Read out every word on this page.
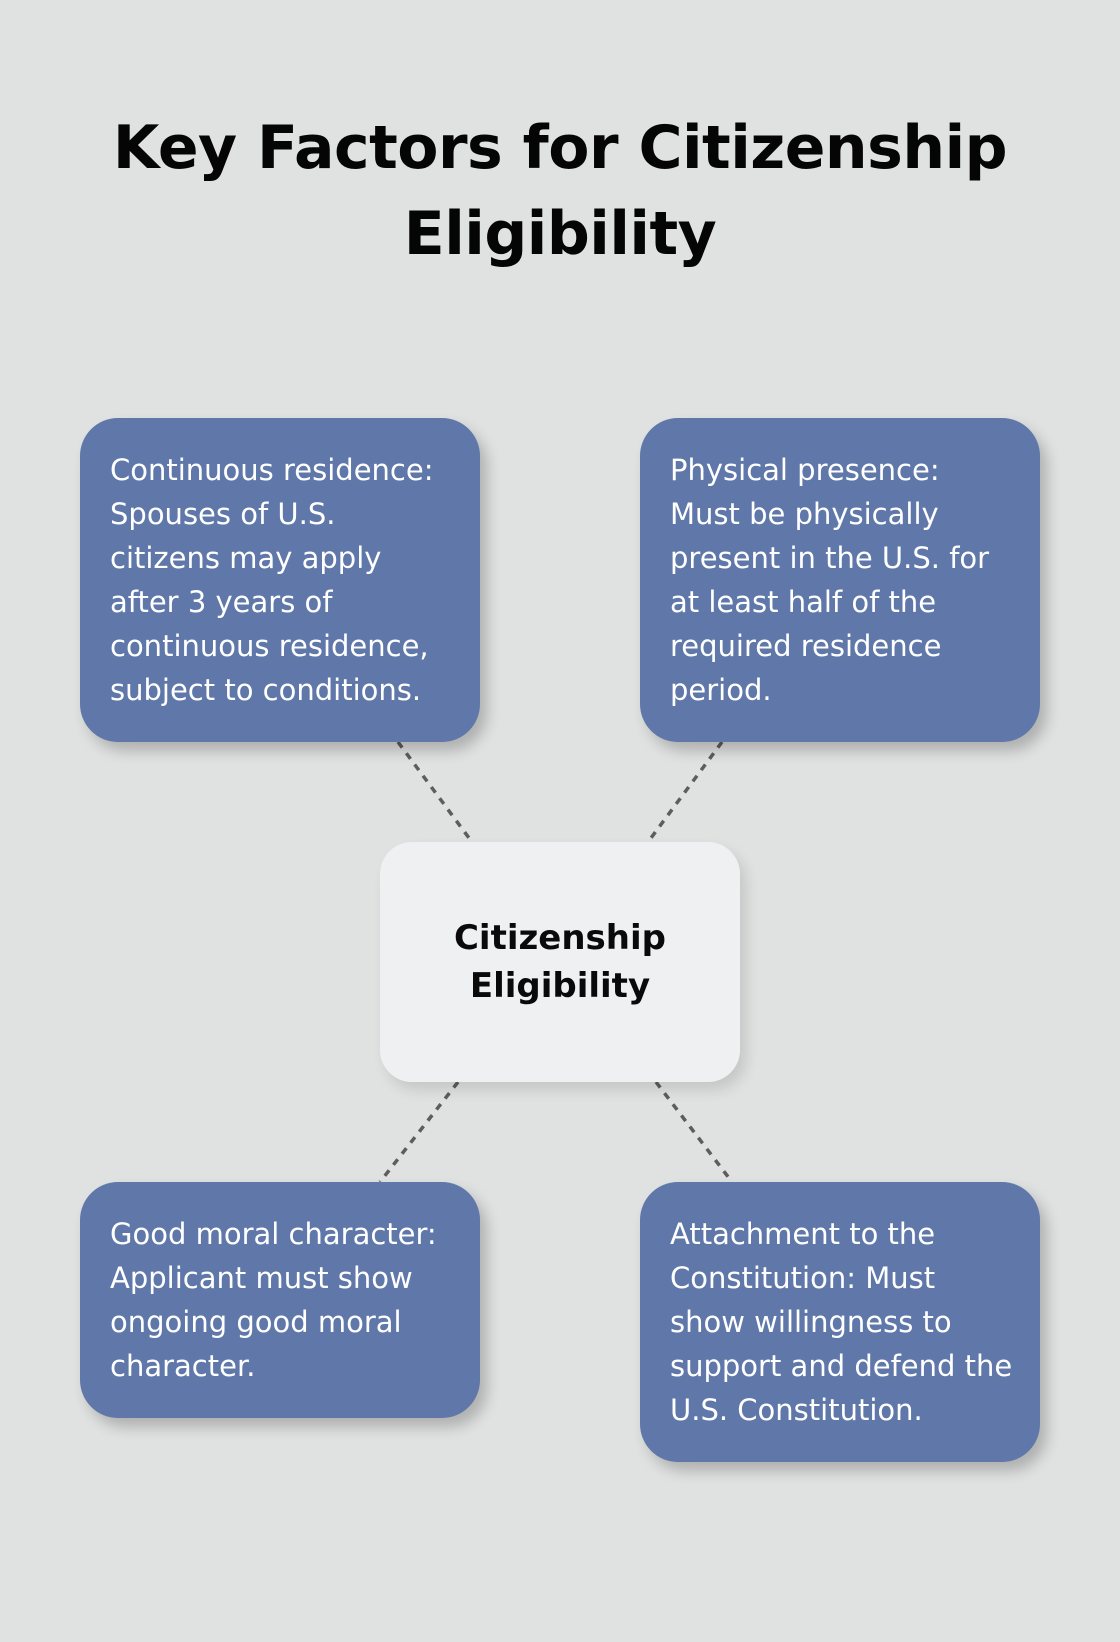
Key Factors for Citizenship Eligibility
Continuous residence: Spouses of U.S. citizens may apply after 3 years of continuous residence, subject to conditions.
Physical presence: Must be physically present in the U.S. for at least half of the required residence period.
Citizenship
Eligibility
Good moral character: Applicant must show ongoing good moral character.
Attachment to the Constitution: Must show willingness to support and defend the U.S. Constitution.
